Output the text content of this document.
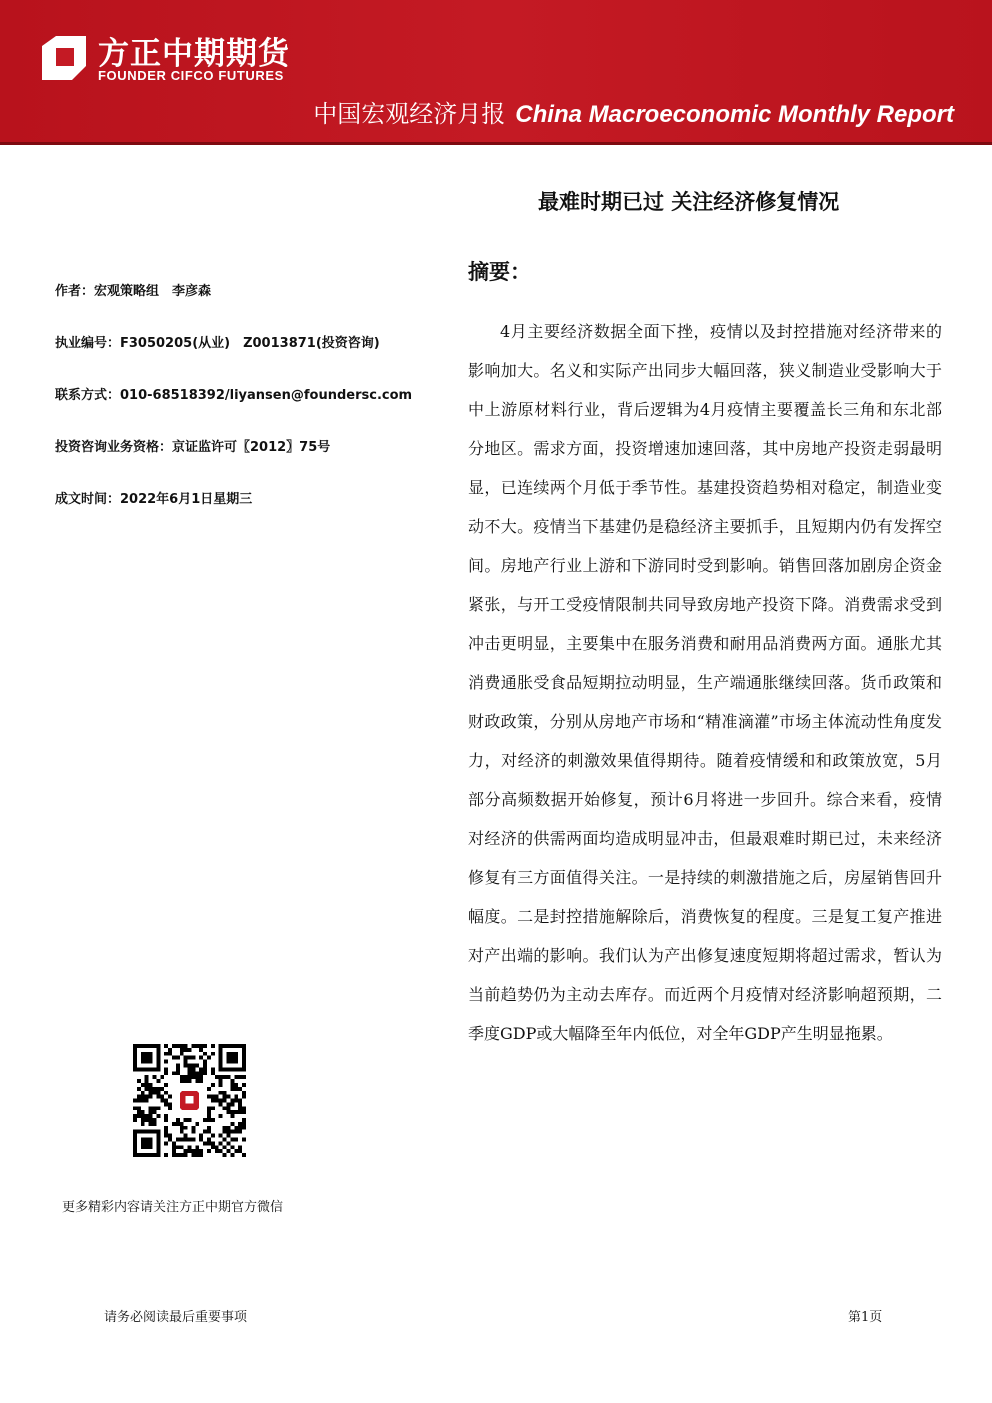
方正中期期货
FOUNDER CIFCO FUTURES
中国宏观经济月报 China Macroeconomic Monthly Report
最难时期已过 关注经济修复情况
作者：宏观策略组　李彦森
执业编号：F3050205(从业)　Z0013871(投资咨询)
联系方式：010-68518392/liyansen@foundersc.com
投资咨询业务资格：京证监许可〖2012〗75号
成文时间：2022年6月1日星期三
摘要：

4月主要经济数据全面下挫，疫情以及封控措施对经济带来的影响加大。名义和实际产出同步大幅回落，狭义制造业受影响大于中上游原材料行业，背后逻辑为4月疫情主要覆盖长三角和东北部分地区。需求方面，投资增速加速回落，其中房地产投资走弱最明显，已连续两个月低于季节性。基建投资趋势相对稳定，制造业变动不大。疫情当下基建仍是稳经济主要抓手，且短期内仍有发挥空间。房地产行业上游和下游同时受到影响。销售回落加剧房企资金紧张，与开工受疫情限制共同导致房地产投资下降。消费需求受到冲击更明显，主要集中在服务消费和耐用品消费两方面。通胀尤其消费通胀受食品短期拉动明显，生产端通胀继续回落。货币政策和财政政策，分别从房地产市场和“精准滴灌”市场主体流动性角度发力，对经济的刺激效果值得期待。随着疫情缓和和政策放宽，5月部分高频数据开始修复，预计6月将进一步回升。综合来看，疫情对经济的供需两面均造成明显冲击，但最艰难时期已过，未来经济修复有三方面值得关注。一是持续的刺激措施之后，房屋销售回升幅度。二是封控措施解除后，消费恢复的程度。三是复工复产推进对产出端的影响。我们认为产出修复速度短期将超过需求，暂认为当前趋势仍为主动去库存。而近两个月疫情对经济影响超预期，二季度GDP或大幅降至年内低位，对全年GDP产生明显拖累。

更多精彩内容请关注方正中期官方微信
请务必阅读最后重要事项	第1页
